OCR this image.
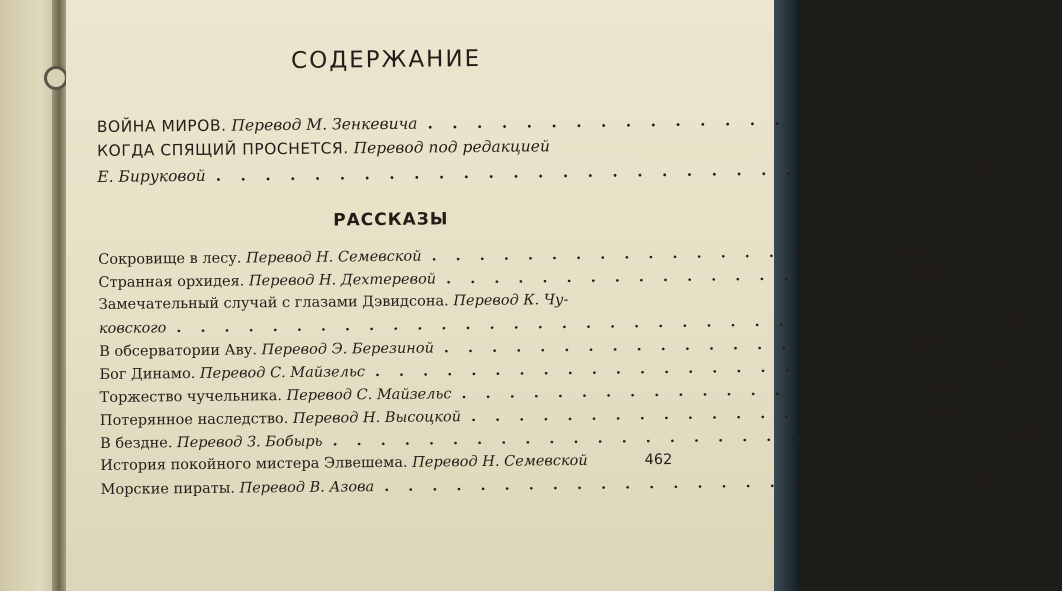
СОДЕРЖАНИЕ
ВОЙНА МИРОВ. Перевод М. Зенкевича . . . . . . . . . . . . . . . . . . . . . . . .	5
КОГДА СПЯЩИЙ ПРОСНЕТСЯ. Перевод под редакцией
Е. Бируковой . . . . . . . . . . . . . . . . . . . . . . . . . . . . . .	161
РАССКАЗЫ
Сокровище в лесу. Перевод Н. Семевской . . . . . . . . . . . . . . . . . . .	385
Странная орхидея. Перевод Н. Дехтеревой . . . . . . . . . . . . . . . . . . .	394
Замечательный случай с глазами Дэвидсона. Перевод К. Чу-
ковского . . . . . . . . . . . . . . . . . . . . . . . . . . . . . . . . . .	403
В обсерватории Аву. Перевод Э. Березиной . . . . . . . . . . . . . . . . . . .	414
Бог Динамо. Перевод С. Майзельс . . . . . . . . . . . . . . . . . . . . . . . . .	422
Торжество чучельника. Перевод С. Майзельс . . . . . . . . . . . . . . . . . . .	432
Потерянное наследство. Перевод Н. Высоцкой . . . . . . . . . . . . . . . . . . .	437
В бездне. Перевод З. Бобырь . . . . . . . . . . . . . . . . . . . . . . . . . . . .	445
История покойного мистера Элвешема. Перевод Н. Семевской	462
Морские пираты. Перевод В. Азова . . . . . . . . . . . . . . . . . . . . . . . .	484
